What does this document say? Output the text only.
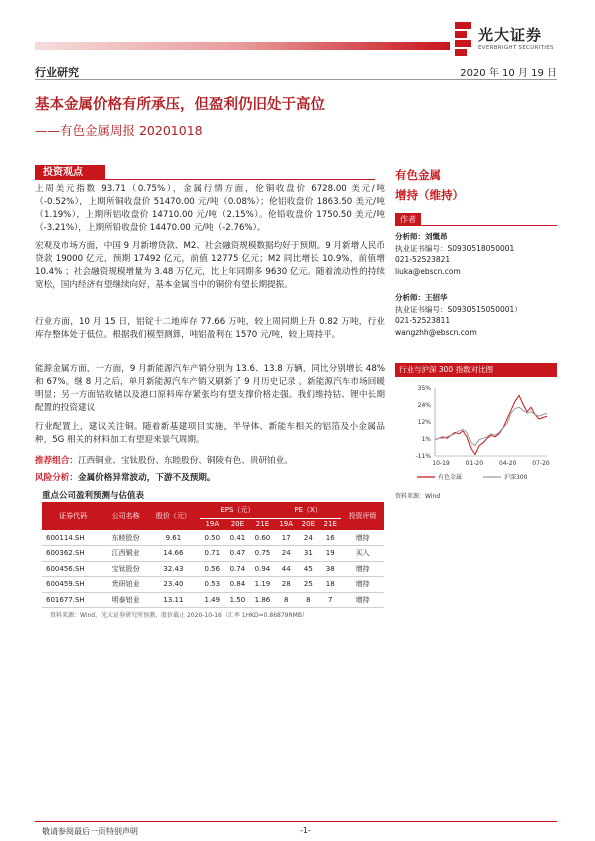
光大证券
EVERBRIGHT SECURITIES
行业研究	2020 年 10 月 19 日
基本金属价格有所承压，但盈利仍旧处于高位
——有色金属周报 20201018
投资观点

上周美元指数 93.71（0.75%），金属行情方面，伦铜收盘价 6728.00 美元/吨（-0.52%），上期所铜收盘价 51470.00 元/吨（0.08%）；伦铝收盘价 1863.50 美元/吨（1.19%），上期所铝收盘价 14710.00 元/吨（2.15%）。伦铅收盘价 1750.50 美元/吨（-3.21%），上期所铅收盘价 14470.00 元/吨（-2.76%）。

宏观及市场方面，中国 9 月新增贷款、M2、社会融资规模数据均好于预期。9 月新增人民币贷款 19000 亿元，预期 17492 亿元，前值 12775 亿元；M2 同比增长 10.9%，前值增 10.4% ；社会融资规模增量为 3.48 万亿元，比上年同期多 9630 亿元。随着流动性的持续宽松，国内经济有望继续向好，基本金属当中的铜价有望长期提振。

行业方面，10 月 15 日，铝锭十二地库存 77.66 万吨，较上周同期上升 0.82 万吨，行业库存整体处于低位。根据我们模型测算，吨铝盈利在 1570 元/吨，较上周持平。

能源金属方面，一方面，9 月新能源汽车产销分别为 13.6、13.8 万辆，同比分别增长 48%和 67%。继 8 月之后，单月新能源汽车产销又刷新了 9 月历史记录 。新能源汽车市场回暖明显；另一方面钴收储以及港口原料库存紧张均有望支撑价格走强。我们维持钴、锂中长期配置的投资建议

行业配置上，建议关注铜。随着新基建项目实施，半导体、新能车相关的铝箔及小金属品种，5G 相关的材料加工有望迎来景气周期。

推荐组合：江西铜业、宝钛股份、东睦股份、铜陵有色、贵研铂业。
风险分析：金属价格异常波动，下游不及预期。
重点公司盈利预测与估值表
证券代码	公司名称	股价（元）	EPS（元）			PE（X）			投资评级
			19A	20E	21E	19A	20E	21E	
600114.SH	东睦股份	9.61	0.50	0.41	0.60	17	24	16	增持
600362.SH	江西铜业	14.66	0.71	0.47	0.75	24	31	19	买入
600456.SH	宝钛股份	32.43	0.56	0.74	0.94	44	45	38	增持
600459.SH	贵研铂业	23.40	0.53	0.84	1.19	28	25	18	增持
601677.SH	明泰铝业	13.11	1.49	1.50	1.86	8	8	7	增持
资料来源：Wind，光大证券研究所预测，股价截止 2020-10-16（汇率 1HKD=0.86879RMB）
有色金属
增持（维持）
作者
分析师：刘慨昂
执业证书编号：S0930518050001
021-52523821
liuka@ebscn.com
分析师：王招华
执业证书编号：S0930515050001）
021-52523811
wangzhh@ebscn.com
行业与沪深 300 指数对比图
35%
24%
12%
1%
-11%
10-19	01-20	04-20	07-20
有色金属	沪深300
资料来源：Wind
敬请参阅最后一页特别声明	-1-
